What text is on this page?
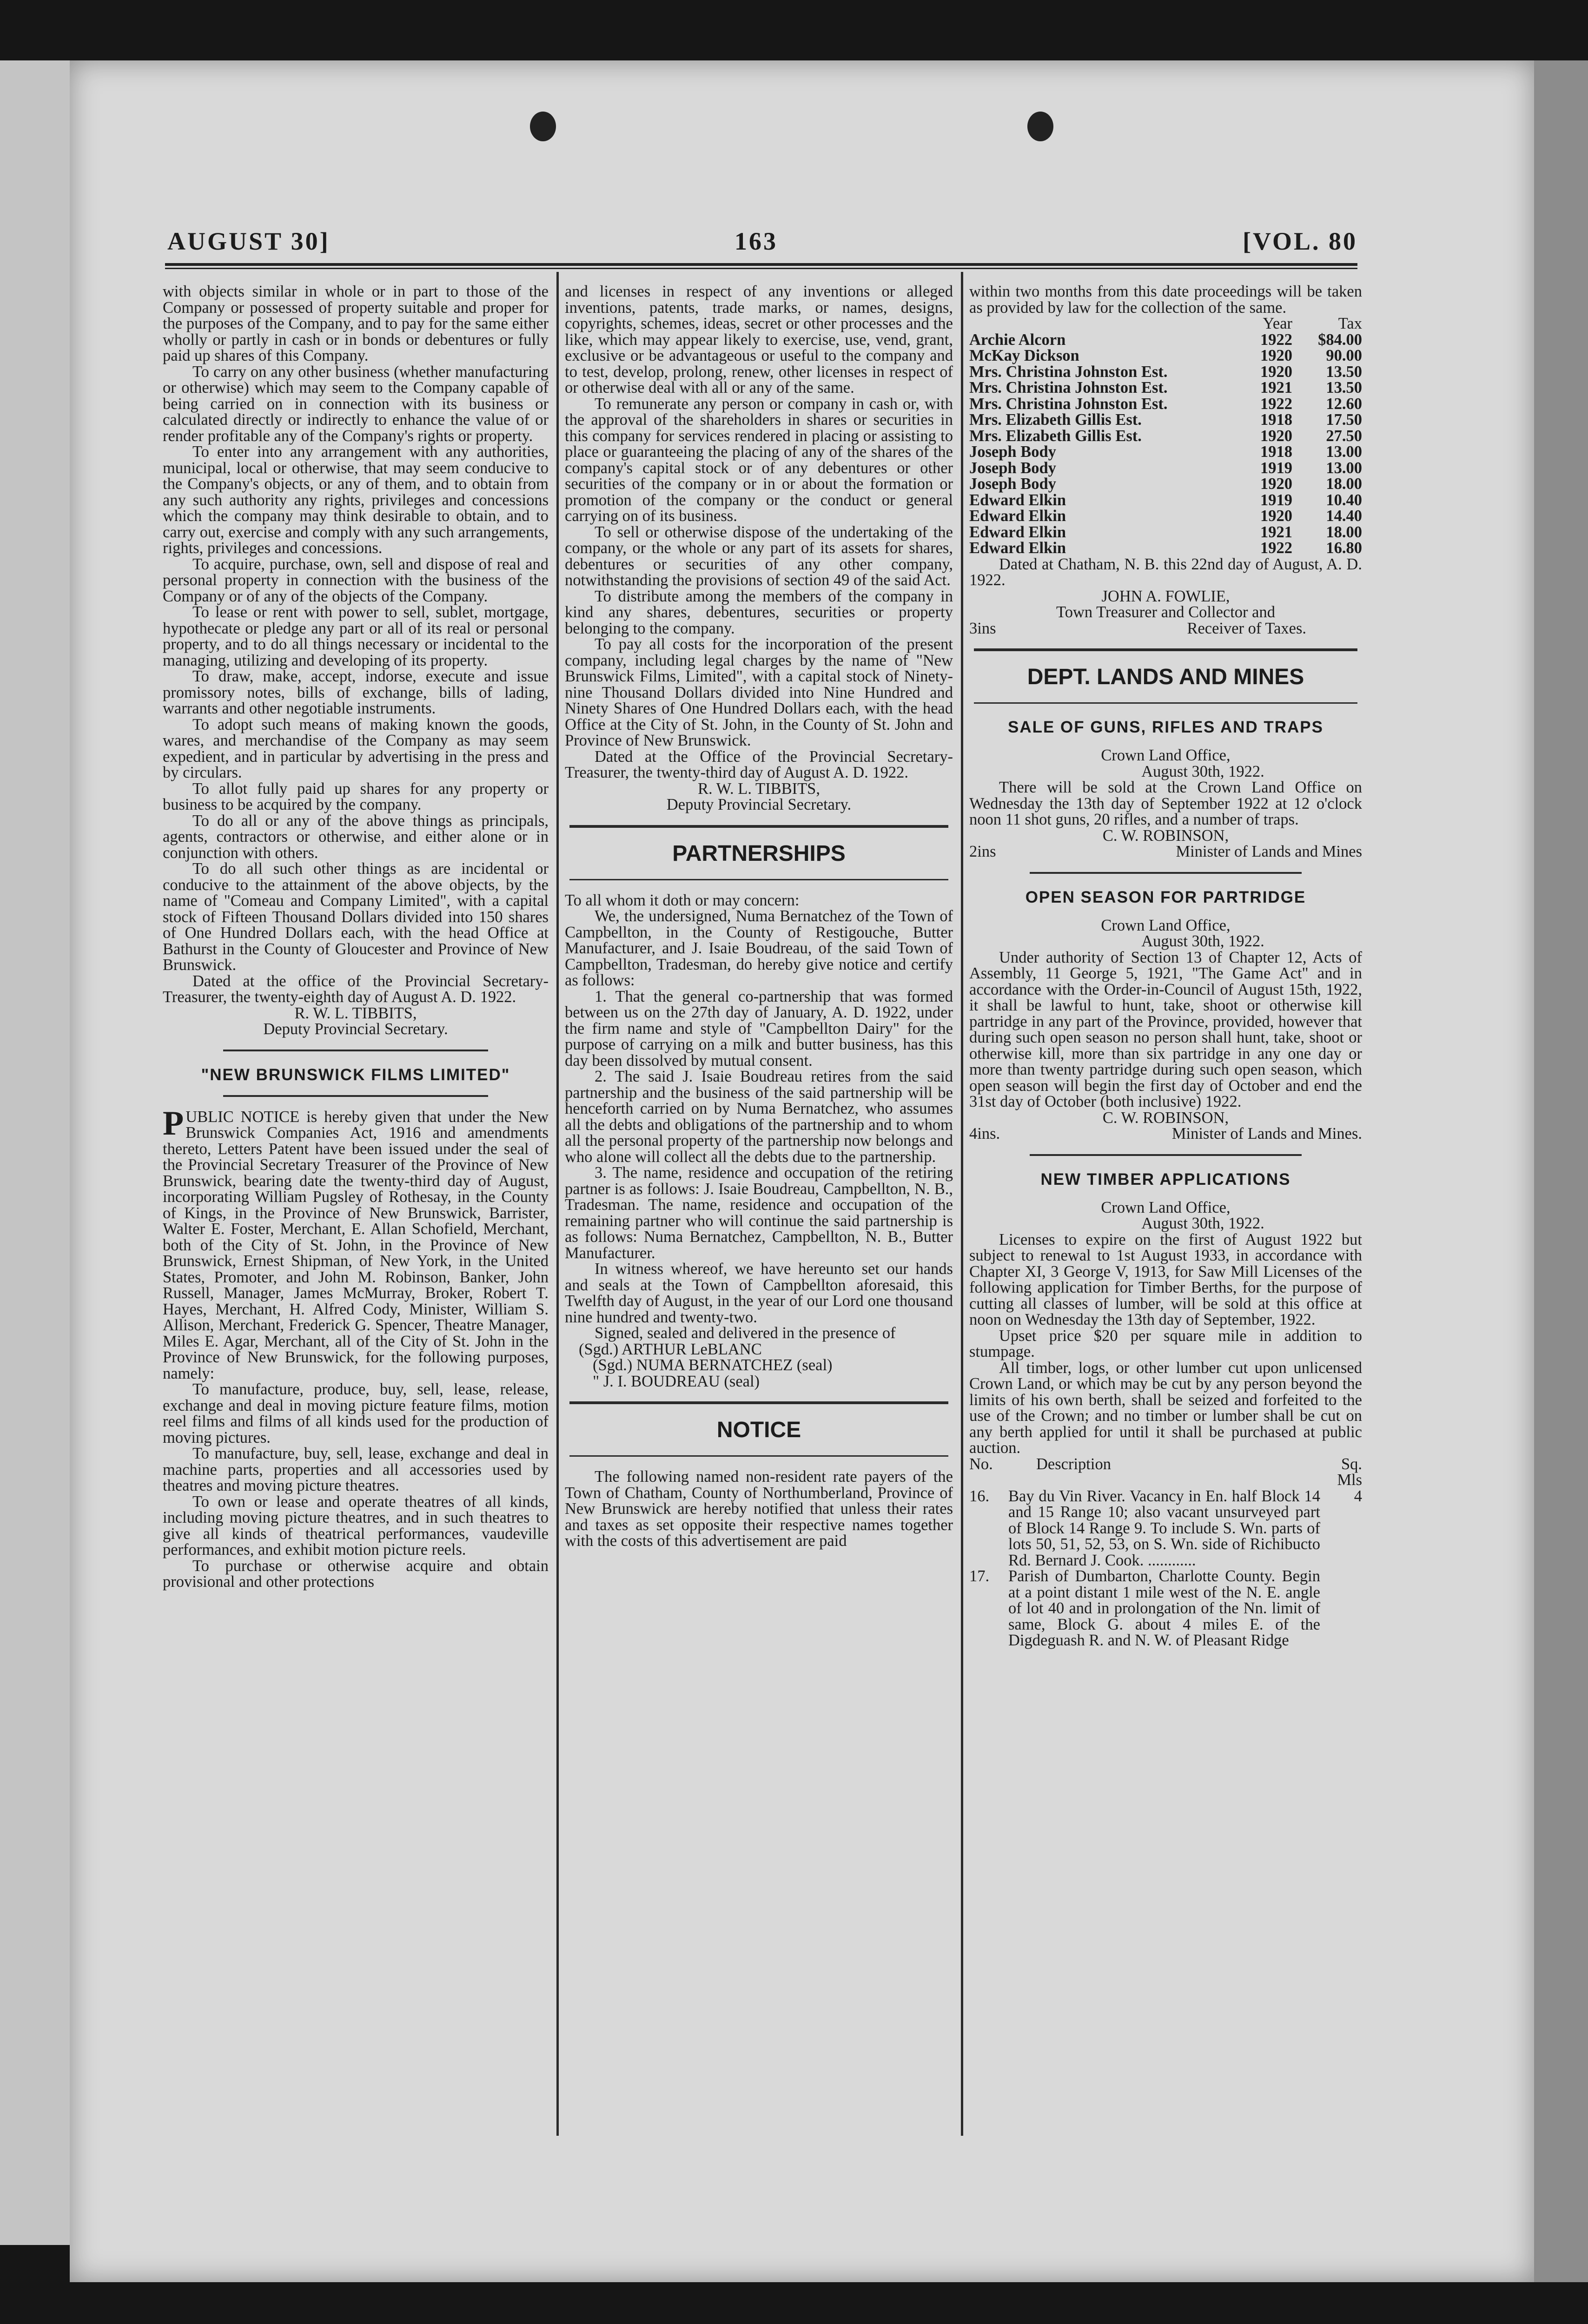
AUGUST 30]	163	[VOL. 80

with objects similar in whole or in part to those of the Company or possessed of property suitable and proper for the purposes of the Company, and to pay for the same either wholly or partly in cash or in bonds or debentures or fully paid up shares of this Company.

To carry on any other business (whether manufacturing or otherwise) which may seem to the Company capable of being carried on in connection with its business or calculated directly or indirectly to enhance the value of or render profitable any of the Company's rights or property.

To enter into any arrangement with any authorities, municipal, local or otherwise, that may seem conducive to the Company's objects, or any of them, and to obtain from any such authority any rights, privileges and concessions which the company may think desirable to obtain, and to carry out, exercise and comply with any such arrangements, rights, privileges and concessions.

To acquire, purchase, own, sell and dispose of real and personal property in connection with the business of the Company or of any of the objects of the Company.

To lease or rent with power to sell, sublet, mortgage, hypothecate or pledge any part or all of its real or personal property, and to do all things necessary or incidental to the managing, utilizing and developing of its property.

To draw, make, accept, indorse, execute and issue promissory notes, bills of exchange, bills of lading, warrants and other negotiable instruments.

To adopt such means of making known the goods, wares, and merchandise of the Company as may seem expedient, and in particular by advertising in the press and by circulars.

To allot fully paid up shares for any property or business to be acquired by the company.

To do all or any of the above things as principals, agents, contractors or otherwise, and either alone or in conjunction with others.

To do all such other things as are incidental or conducive to the attainment of the above objects, by the name of "Comeau and Company Limited", with a capital stock of Fifteen Thousand Dollars divided into 150 shares of One Hundred Dollars each, with the head Office at Bathurst in the County of Gloucester and Province of New Brunswick.

Dated at the office of the Provincial Secretary-Treasurer, the twenty-eighth day of August A. D. 1922.

R. W. L. TIBBITS,

Deputy Provincial Secretary.

"NEW BRUNSWICK FILMS LIMITED"

PUBLIC NOTICE is hereby given that under the New Brunswick Companies Act, 1916 and amendments thereto, Letters Patent have been issued under the seal of the Provincial Secretary Treasurer of the Province of New Brunswick, bearing date the twenty-third day of August, incorporating William Pugsley of Rothesay, in the County of Kings, in the Province of New Brunswick, Barrister, Walter E. Foster, Merchant, E. Allan Schofield, Merchant, both of the City of St. John, in the Province of New Brunswick, Ernest Shipman, of New York, in the United States, Promoter, and John M. Robinson, Banker, John Russell, Manager, James McMurray, Broker, Robert T. Hayes, Merchant, H. Alfred Cody, Minister, William S. Allison, Merchant, Frederick G. Spencer, Theatre Manager, Miles E. Agar, Merchant, all of the City of St. John in the Province of New Brunswick, for the following purposes, namely:

To manufacture, produce, buy, sell, lease, release, exchange and deal in moving picture feature films, motion reel films and films of all kinds used for the production of moving pictures.

To manufacture, buy, sell, lease, exchange and deal in machine parts, properties and all accessories used by theatres and moving picture theatres.

To own or lease and operate theatres of all kinds, including moving picture theatres, and in such theatres to give all kinds of theatrical performances, vaudeville performances, and exhibit motion picture reels.

To purchase or otherwise acquire and obtain provisional and other protections

and licenses in respect of any inventions or alleged inventions, patents, trade marks, or names, designs, copyrights, schemes, ideas, secret or other processes and the like, which may appear likely to exercise, use, vend, grant, exclusive or be advantageous or useful to the company and to test, develop, prolong, renew, other licenses in respect of or otherwise deal with all or any of the same.

To remunerate any person or company in cash or, with the approval of the shareholders in shares or securities in this company for services rendered in placing or assisting to place or guaranteeing the placing of any of the shares of the company's capital stock or of any debentures or other securities of the company or in or about the formation or promotion of the company or the conduct or general carrying on of its business.

To sell or otherwise dispose of the undertaking of the company, or the whole or any part of its assets for shares, debentures or securities of any other company, notwithstanding the provisions of section 49 of the said Act.

To distribute among the members of the company in kind any shares, debentures, securities or property belonging to the company.

To pay all costs for the incorporation of the present company, including legal charges by the name of "New Brunswick Films, Limited", with a capital stock of Ninety-nine Thousand Dollars divided into Nine Hundred and Ninety Shares of One Hundred Dollars each, with the head Office at the City of St. John, in the County of St. John and Province of New Brunswick.

Dated at the Office of the Provincial Secretary-Treasurer, the twenty-third day of August A. D. 1922.

R. W. L. TIBBITS,

Deputy Provincial Secretary.

PARTNERSHIPS

To all whom it doth or may concern:

We, the undersigned, Numa Bernatchez of the Town of Campbellton, in the County of Restigouche, Butter Manufacturer, and J. Isaie Boudreau, of the said Town of Campbellton, Tradesman, do hereby give notice and certify as follows:

1. That the general co-partnership that was formed between us on the 27th day of January, A. D. 1922, under the firm name and style of "Campbellton Dairy" for the purpose of carrying on a milk and butter business, has this day been dissolved by mutual consent.

2. The said J. Isaie Boudreau retires from the said partnership and the business of the said partnership will be henceforth carried on by Numa Bernatchez, who assumes all the debts and obligations of the partnership and to whom all the personal property of the partnership now belongs and who alone will collect all the debts due to the partnership.

3. The name, residence and occupation of the retiring partner is as follows: J. Isaie Boudreau, Campbellton, N. B., Tradesman. The name, residence and occupation of the remaining partner who will continue the said partnership is as follows: Numa Bernatchez, Campbellton, N. B., Butter Manufacturer.

In witness whereof, we have hereunto set our hands and seals at the Town of Campbellton aforesaid, this Twelfth day of August, in the year of our Lord one thousand nine hundred and twenty-two.

Signed, sealed and delivered in the presence of

(Sgd.) ARTHUR LeBLANC

(Sgd.) NUMA BERNATCHEZ (seal)

" J. I. BOUDREAU (seal)

NOTICE

The following named non-resident rate payers of the Town of Chatham, County of Northumberland, Province of New Brunswick are hereby notified that unless their rates and taxes as set opposite their respective names together with the costs of this advertisement are paid

within two months from this date proceedings will be taken as provided by law for the collection of the same.

	Year	Tax
Archie Alcorn	1922	$84.00
McKay Dickson	1920	90.00
Mrs. Christina Johnston Est.	1920	13.50
Mrs. Christina Johnston Est.	1921	13.50
Mrs. Christina Johnston Est.	1922	12.60
Mrs. Elizabeth Gillis Est.	1918	17.50
Mrs. Elizabeth Gillis Est.	1920	27.50
Joseph Body	1918	13.00
Joseph Body	1919	13.00
Joseph Body	1920	18.00
Edward Elkin	1919	10.40
Edward Elkin	1920	14.40
Edward Elkin	1921	18.00
Edward Elkin	1922	16.80

Dated at Chatham, N. B. this 22nd day of August, A. D. 1922.

JOHN A. FOWLIE,

Town Treasurer and Collector and

3ins	Receiver of Taxes.
DEPT. LANDS AND MINES
SALE OF GUNS, RIFLES AND TRAPS

Crown Land Office,

August 30th, 1922.

There will be sold at the Crown Land Office on Wednesday the 13th day of September 1922 at 12 o'clock noon 11 shot guns, 20 rifles, and a number of traps.

C. W. ROBINSON,

2ins	Minister of Lands and Mines
OPEN SEASON FOR PARTRIDGE

Crown Land Office,

August 30th, 1922.

Under authority of Section 13 of Chapter 12, Acts of Assembly, 11 George 5, 1921, "The Game Act" and in accordance with the Order-in-Council of August 15th, 1922, it shall be lawful to hunt, take, shoot or otherwise kill partridge in any part of the Province, provided, however that during such open season no person shall hunt, take, shoot or otherwise kill, more than six partridge in any one day or more than twenty partridge during such open season, which open season will begin the first day of October and end the 31st day of October (both inclusive) 1922.

C. W. ROBINSON,

4ins.	Minister of Lands and Mines.
NEW TIMBER APPLICATIONS

Crown Land Office,

August 30th, 1922.

Licenses to expire on the first of August 1922 but subject to renewal to 1st August 1933, in accordance with Chapter XI, 3 George V, 1913, for Saw Mill Licenses of the following application for Timber Berths, for the purpose of cutting all classes of lumber, will be sold at this office at noon on Wednesday the 13th day of September, 1922.

Upset price $20 per square mile in addition to stumpage.

All timber, logs, or other lumber cut upon unlicensed Crown Land, or which may be cut by any person beyond the limits of his own berth, shall be seized and forfeited to the use of the Crown; and no timber or lumber shall be cut on any berth applied for until it shall be purchased at public auction.

No.	Description	Sq. Mls
16.	Bay du Vin River. Vacancy in En. half Block 14 and 15 Range 10; also vacant unsurveyed part of Block 14 Range 9. To include S. Wn. parts of lots 50, 51, 52, 53, on S. Wn. side of Richibucto Rd. Bernard J. Cook. ............	4
17.	Parish of Dumbarton, Charlotte County. Begin at a point distant 1 mile west of the N. E. angle of lot 40 and in prolongation of the Nn. limit of same, Block G. about 4 miles E. of the Digdeguash R. and N. W. of Pleasant Ridge	
